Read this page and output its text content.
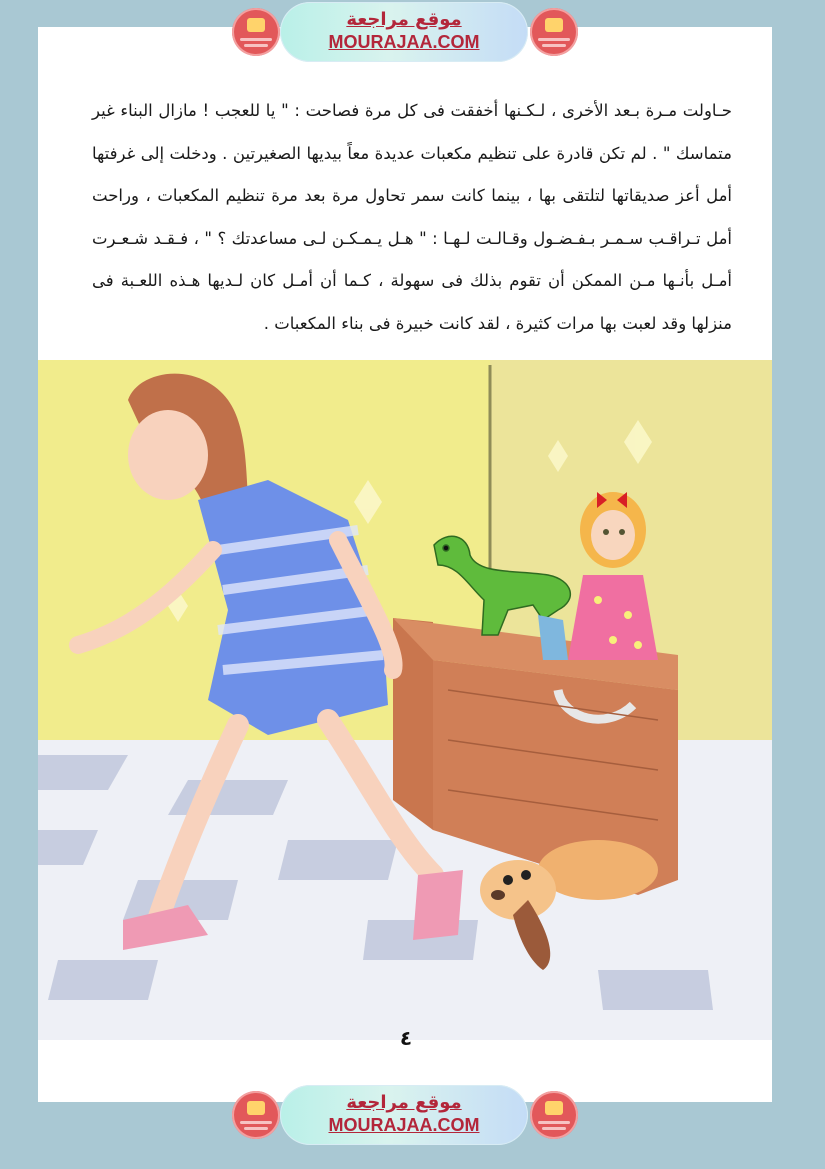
موقع مراجعة
MOURAJAA.COM

حـاولت مـرة بـعد الأخرى ، لـكـنها أخفقت فى كل مرة فصاحت : " يا للعجب ! مازال البناء غير متماسك " . لم تكن قادرة على تنظيم مكعبات عديدة معاً بيديها الصغيرتين . ودخلت إلى غرفتها أمل أعز صديقاتها لتلتقى بها ، بينما كانت سمر تحاول مرة بعد مرة تنظيم المكعبات ، وراحت أمل تـراقـب سـمـر بـفـضـول وقـالـت لـهـا : " هـل يـمـكـن لـى مساعدتك ؟ " ، فـقـد شـعـرت أمـل بأنـها مـن الممكن أن تقوم بذلك فى سهولة ، كـما أن أمـل كان لـديها هـذه اللعـبة فى منزلها وقد لعبت بها مرات كثيرة ، لقد كانت خبيرة فى بناء المكعبات .

٤
موقع مراجعة
MOURAJAA.COM
